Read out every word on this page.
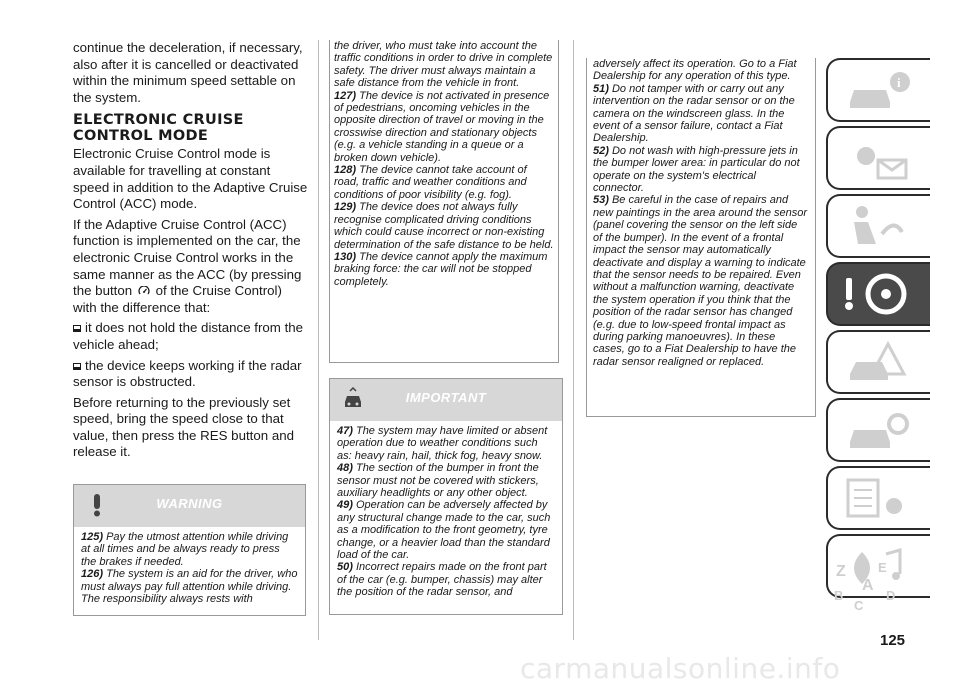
continue the deceleration, if necessary, also after it is cancelled or deactivated within the minimum speed settable on the system.

ELECTRONIC CRUISE
CONTROL MODE

Electronic Cruise Control mode is available for travelling at constant speed in addition to the Adaptive Cruise Control (ACC) mode.

If the Adaptive Cruise Control (ACC) function is implemented on the car, the electronic Cruise Control works in the same manner as the ACC (by pressing the button of the Cruise Control) with the difference that:

it does not hold the distance from the vehicle ahead;

the device keeps working if the radar sensor is obstructed.

Before returning to the previously set speed, bring the speed close to that value, then press the RES button and release it.

WARNING

125) Pay the utmost attention while driving at all times and be always ready to press the brakes if needed.

126) The system is an aid for the driver, who must always pay full attention while driving. The responsibility always rests with

the driver, who must take into account the traffic conditions in order to drive in complete safety. The driver must always maintain a safe distance from the vehicle in front.

127) The device is not activated in presence of pedestrians, oncoming vehicles in the opposite direction of travel or moving in the crosswise direction and stationary objects (e.g. a vehicle standing in a queue or a broken down vehicle).

128) The device cannot take account of road, traffic and weather conditions and conditions of poor visibility (e.g. fog).

129) The device does not always fully recognise complicated driving conditions which could cause incorrect or non-existing determination of the safe distance to be held.

130) The device cannot apply the maximum braking force: the car will not be stopped completely.

IMPORTANT

47) The system may have limited or absent operation due to weather conditions such as: heavy rain, hail, thick fog, heavy snow.

48) The section of the bumper in front the sensor must not be covered with stickers, auxiliary headlights or any other object.

49) Operation can be adversely affected by any structural change made to the car, such as a modification to the front geometry, tyre change, or a heavier load than the standard load of the car.

50) Incorrect repairs made on the front part of the car (e.g. bumper, chassis) may alter the position of the radar sensor, and

adversely affect its operation. Go to a Fiat Dealership for any operation of this type.

51) Do not tamper with or carry out any intervention on the radar sensor or on the camera on the windscreen glass. In the event of a sensor failure, contact a Fiat Dealership.

52) Do not wash with high-pressure jets in the bumper lower area: in particular do not operate on the system's electrical connector.

53) Be careful in the case of repairs and new paintings in the area around the sensor (panel covering the sensor on the left side of the bumper). In the event of a frontal impact the sensor may automatically deactivate and display a warning to indicate that the sensor needs to be repaired. Even without a malfunction warning, deactivate the system operation if you think that the position of the radar sensor has changed (e.g. due to low-speed frontal impact as during parking manoeuvres). In these cases, go to a Fiat Dealership to have the radar sensor realigned or replaced.

i
Z E
A
B
C
D
125
carmanualsonline.info
